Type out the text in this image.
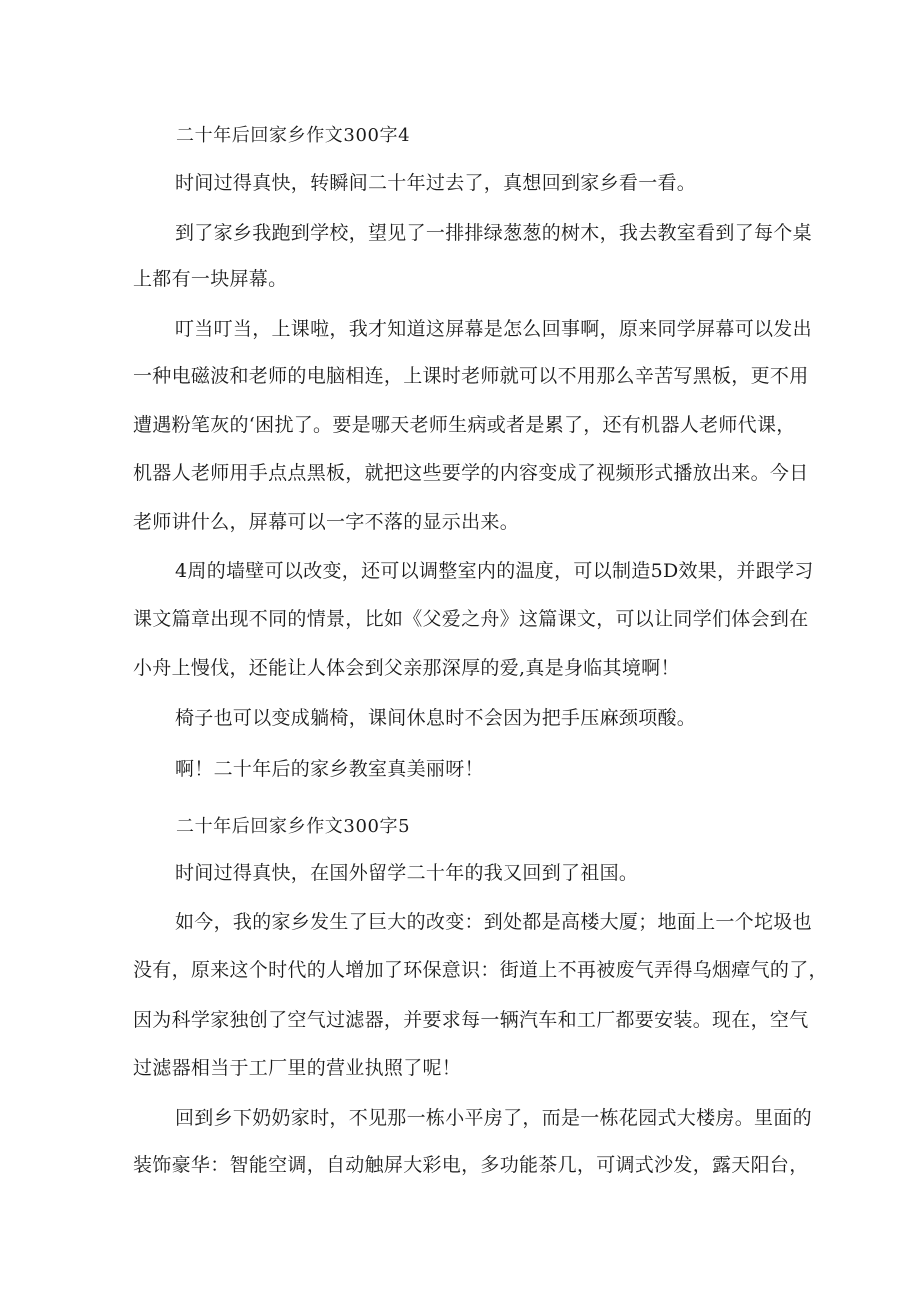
二十年后回家乡作文300字4
时间过得真快，转瞬间二十年过去了，真想回到家乡看一看。
到了家乡我跑到学校，望见了一排排绿葱葱的树木，我去教室看到了每个桌
上都有一块屏幕。
叮当叮当，上课啦，我才知道这屏幕是怎么回事啊，原来同学屏幕可以发出
一种电磁波和老师的电脑相连，上课时老师就可以不用那么辛苦写黑板，更不用
遭遇粉笔灰的‘困扰了。要是哪天老师生病或者是累了，还有机器人老师代课，
机器人老师用手点点黑板，就把这些要学的内容变成了视频形式播放出来。今日
老师讲什么，屏幕可以一字不落的显示出来。
4周的墙壁可以改变，还可以调整室内的温度，可以制造5D效果，并跟学习
课文篇章出现不同的情景，比如《父爱之舟》这篇课文，可以让同学们体会到在
小舟上慢伐，还能让人体会到父亲那深厚的爱,真是身临其境啊！
椅子也可以变成躺椅，课间休息时不会因为把手压麻颈项酸。
啊！二十年后的家乡教室真美丽呀！
二十年后回家乡作文300字5
时间过得真快，在国外留学二十年的我又回到了祖国。
如今，我的家乡发生了巨大的改变：到处都是高楼大厦；地面上一个坨圾也
没有，原来这个时代的人增加了环保意识：街道上不再被废气弄得乌烟瘴气的了，
因为科学家独创了空气过滤器，并要求每一辆汽车和工厂都要安装。现在，空气
过滤器相当于工厂里的营业执照了呢！
回到乡下奶奶家时，不见那一栋小平房了，而是一栋花园式大楼房。里面的
装饰豪华：智能空调，自动触屏大彩电，多功能茶几，可调式沙发，露天阳台，
